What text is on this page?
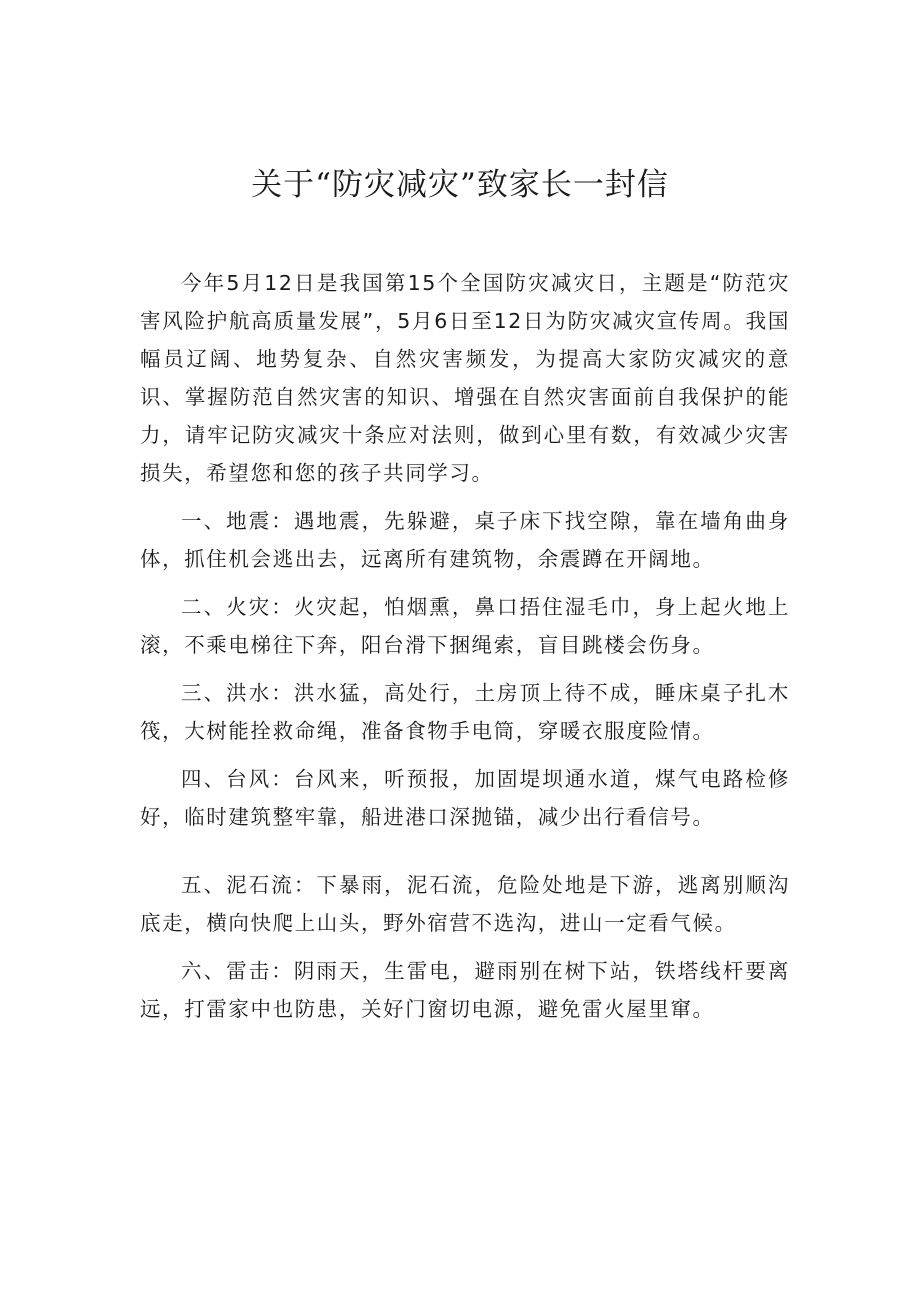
关于“防灾减灾”致家长一封信

今年5月12日是我国第15个全国防灾减灾日，主题是“防范灾害风险护航高质量发展”，5月6日至12日为防灾减灾宣传周。我国幅员辽阔、地势复杂、自然灾害频发，为提高大家防灾减灾的意识、掌握防范自然灾害的知识、增强在自然灾害面前自我保护的能力，请牢记防灾减灾十条应对法则，做到心里有数，有效减少灾害损失，希望您和您的孩子共同学习。

一、地震：遇地震，先躲避，桌子床下找空隙，靠在墙角曲身体，抓住机会逃出去，远离所有建筑物，余震蹲在开阔地。

二、火灾：火灾起，怕烟熏，鼻口捂住湿毛巾，身上起火地上滚，不乘电梯往下奔，阳台滑下捆绳索，盲目跳楼会伤身。

三、洪水：洪水猛，高处行，土房顶上待不成，睡床桌子扎木筏，大树能拴救命绳，准备食物手电筒，穿暖衣服度险情。

四、台风：台风来，听预报，加固堤坝通水道，煤气电路检修好，临时建筑整牢靠，船进港口深抛锚，减少出行看信号。

五、泥石流：下暴雨，泥石流，危险处地是下游，逃离别顺沟底走，横向快爬上山头，野外宿营不选沟，进山一定看气候。

六、雷击：阴雨天，生雷电，避雨别在树下站，铁塔线杆要离远，打雷家中也防患，关好门窗切电源，避免雷火屋里窜。
